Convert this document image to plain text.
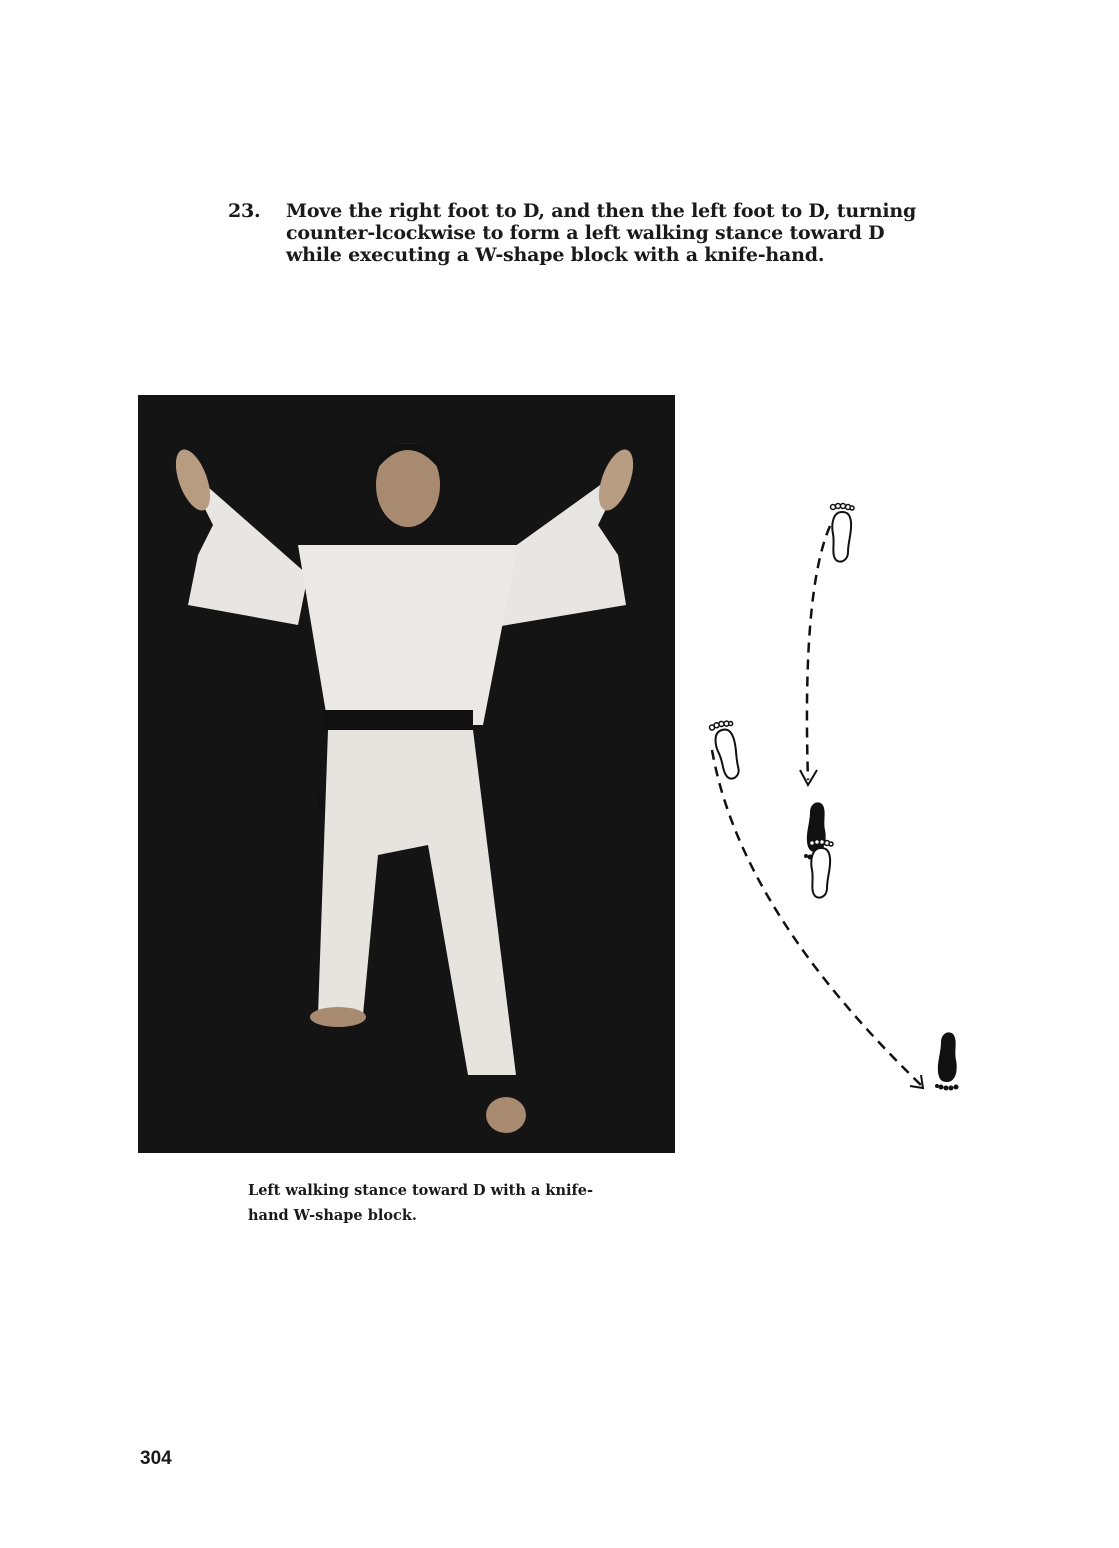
23. Move the right foot to D, and then the left foot to D, turning counter-lcockwise to form a left walking stance toward D while executing a W-shape block with a knife-hand.
Left walking stance toward D with a knife-hand W-shape block.
304
